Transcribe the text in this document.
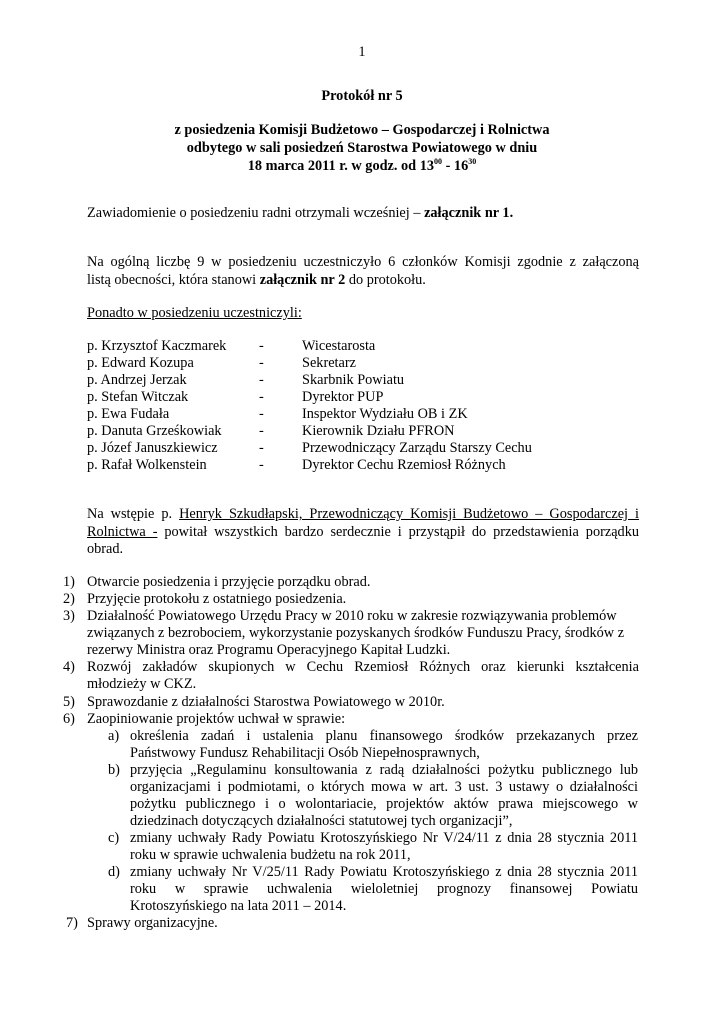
1
Protokół nr 5
z posiedzenia Komisji Budżetowo – Gospodarczej i Rolnictwa
odbytego w sali posiedzeń Starostwa Powiatowego w dniu
18 marca 2011 r. w godz. od $13^{00} - 16^{30}$
Zawiadomienie o posiedzeniu radni otrzymali wcześniej – załącznik nr 1.
Na ogólną liczbę 9 w posiedzeniu uczestniczyło 6 członków Komisji zgodnie z załączoną
listą obecności, która stanowi załącznik nr 2 do protokołu.
Ponadto w posiedzeniu uczestniczyli:
p. Krzysztof Kaczmarek -	Wicestarosta
p. Edward Kozupa	-	Sekretarz
p. Andrzej Jerzak	-	Skarbnik Powiatu
p. Stefan Witczak	-	Dyrektor PUP
p. Ewa Fudała	-	Inspektor Wydziału OB i ZK
p. Danuta Grześkowiak	-	Kierownik Działu PFRON
p. Józef Januszkiewicz	-	Przewodniczący Zarządu Starszy Cechu
p. Rafał Wolkenstein	-	Dyrektor Cechu Rzemiosł Różnych
Na wstępie p. Henryk Szkudłapski, Przewodniczący Komisji Budżetowo – Gospodarczej i
Rolnictwa - powitał wszystkich bardzo serdecznie i przystąpił do przedstawienia porządku
obrad.
1) Otwarcie posiedzenia i przyjęcie porządku obrad.
2) Przyjęcie protokołu z ostatniego posiedzenia.
3) Działalność Powiatowego Urzędu Pracy w 2010 roku w zakresie rozwiązywania problemów
związanych z bezrobociem, wykorzystanie pozyskanych środków Funduszu Pracy, środków z
rezerwy Ministra oraz Programu Operacyjnego Kapitał Ludzki.
4) Rozwój zakładów skupionych w Cechu Rzemiosł Różnych oraz kierunki kształcenia
młodzieży w CKZ.
5) Sprawozdanie z działalności Starostwa Powiatowego w 2010r.
6) Zaopiniowanie projektów uchwał w sprawie:
a) określenia zadań i ustalenia planu finansowego środków przekazanych przez
Państwowy Fundusz Rehabilitacji Osób Niepełnosprawnych,
b) przyjęcia „Regulaminu konsultowania z radą działalności pożytku publicznego lub
organizacjami i podmiotami, o których mowa w art. 3 ust. 3 ustawy o działalności
pożytku publicznego i o wolontariacie, projektów aktów prawa miejscowego w
dziedzinach dotyczących działalności statutowej tych organizacji”,
c) zmiany uchwały Rady Powiatu Krotoszyńskiego Nr V/24/11 z dnia 28 stycznia 2011
roku w sprawie uchwalenia budżetu na rok 2011,
d) zmiany uchwały Nr V/25/11 Rady Powiatu Krotoszyńskiego z dnia 28 stycznia 2011
roku w sprawie uchwalenia wieloletniej prognozy finansowej Powiatu
Krotoszyńskiego na lata 2011 – 2014.
7) Sprawy organizacyjne.
